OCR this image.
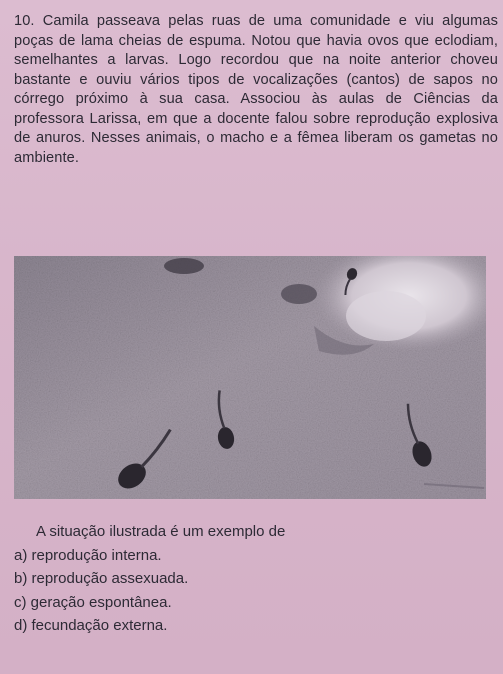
10. Camila passeava pelas ruas de uma comunidade e viu algumas poças de lama cheias de espuma. Notou que havia ovos que eclodiam, semelhantes a larvas. Logo recordou que na noite anterior choveu bastante e ouviu vários tipos de vocalizações (cantos) de sapos no córrego próximo à sua casa. Associou às aulas de Ciências da professora Larissa, em que a docente falou sobre reprodução explosiva de anuros. Nesses animais, o macho e a fêmea liberam os gametas no ambiente.
A situação ilustrada é um exemplo de
a) reprodução interna.
b) reprodução assexuada.
c) geração espontânea.
d) fecundação externa.
